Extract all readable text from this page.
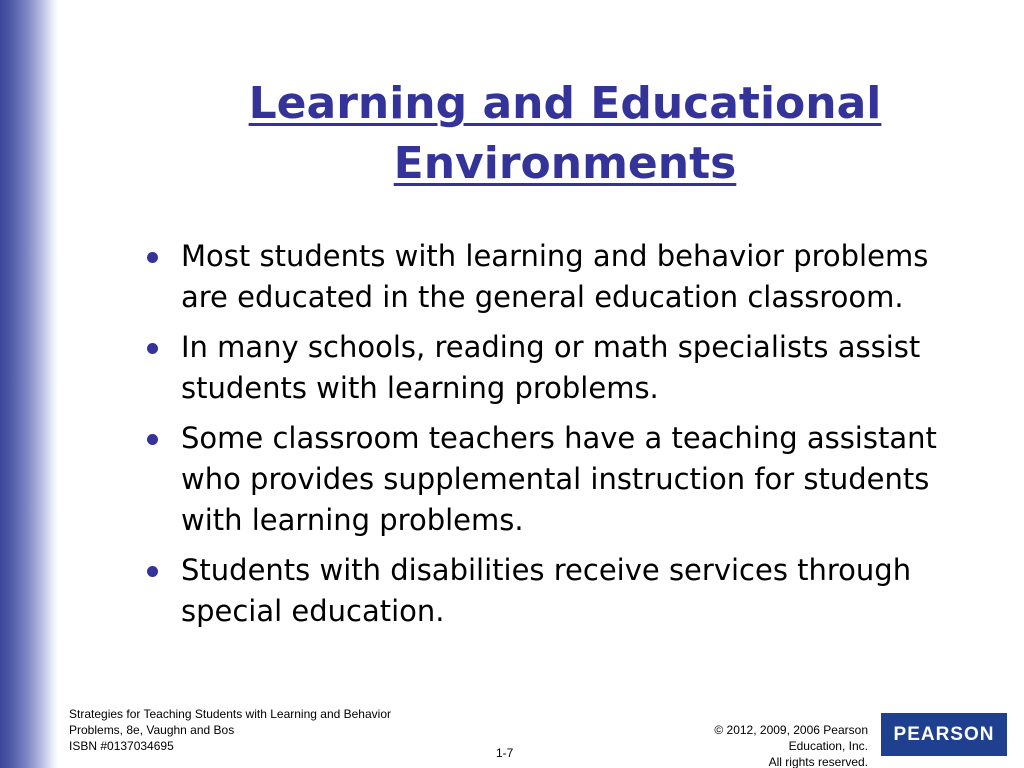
Learning and Educational
Environments
Most students with learning and behavior problems are educated in the general education classroom.
In many schools, reading or math specialists assist students with learning problems.
Some classroom teachers have a teaching assistant who provides supplemental instruction for students with learning problems.
Students with disabilities receive services through special education.
Strategies for Teaching Students with Learning and Behavior
Problems, 8e, Vaughn and Bos
ISBN #0137034695	1-7
© 2012, 2009, 2006 Pearson
Education, Inc.
All rights reserved.
PEARSON
